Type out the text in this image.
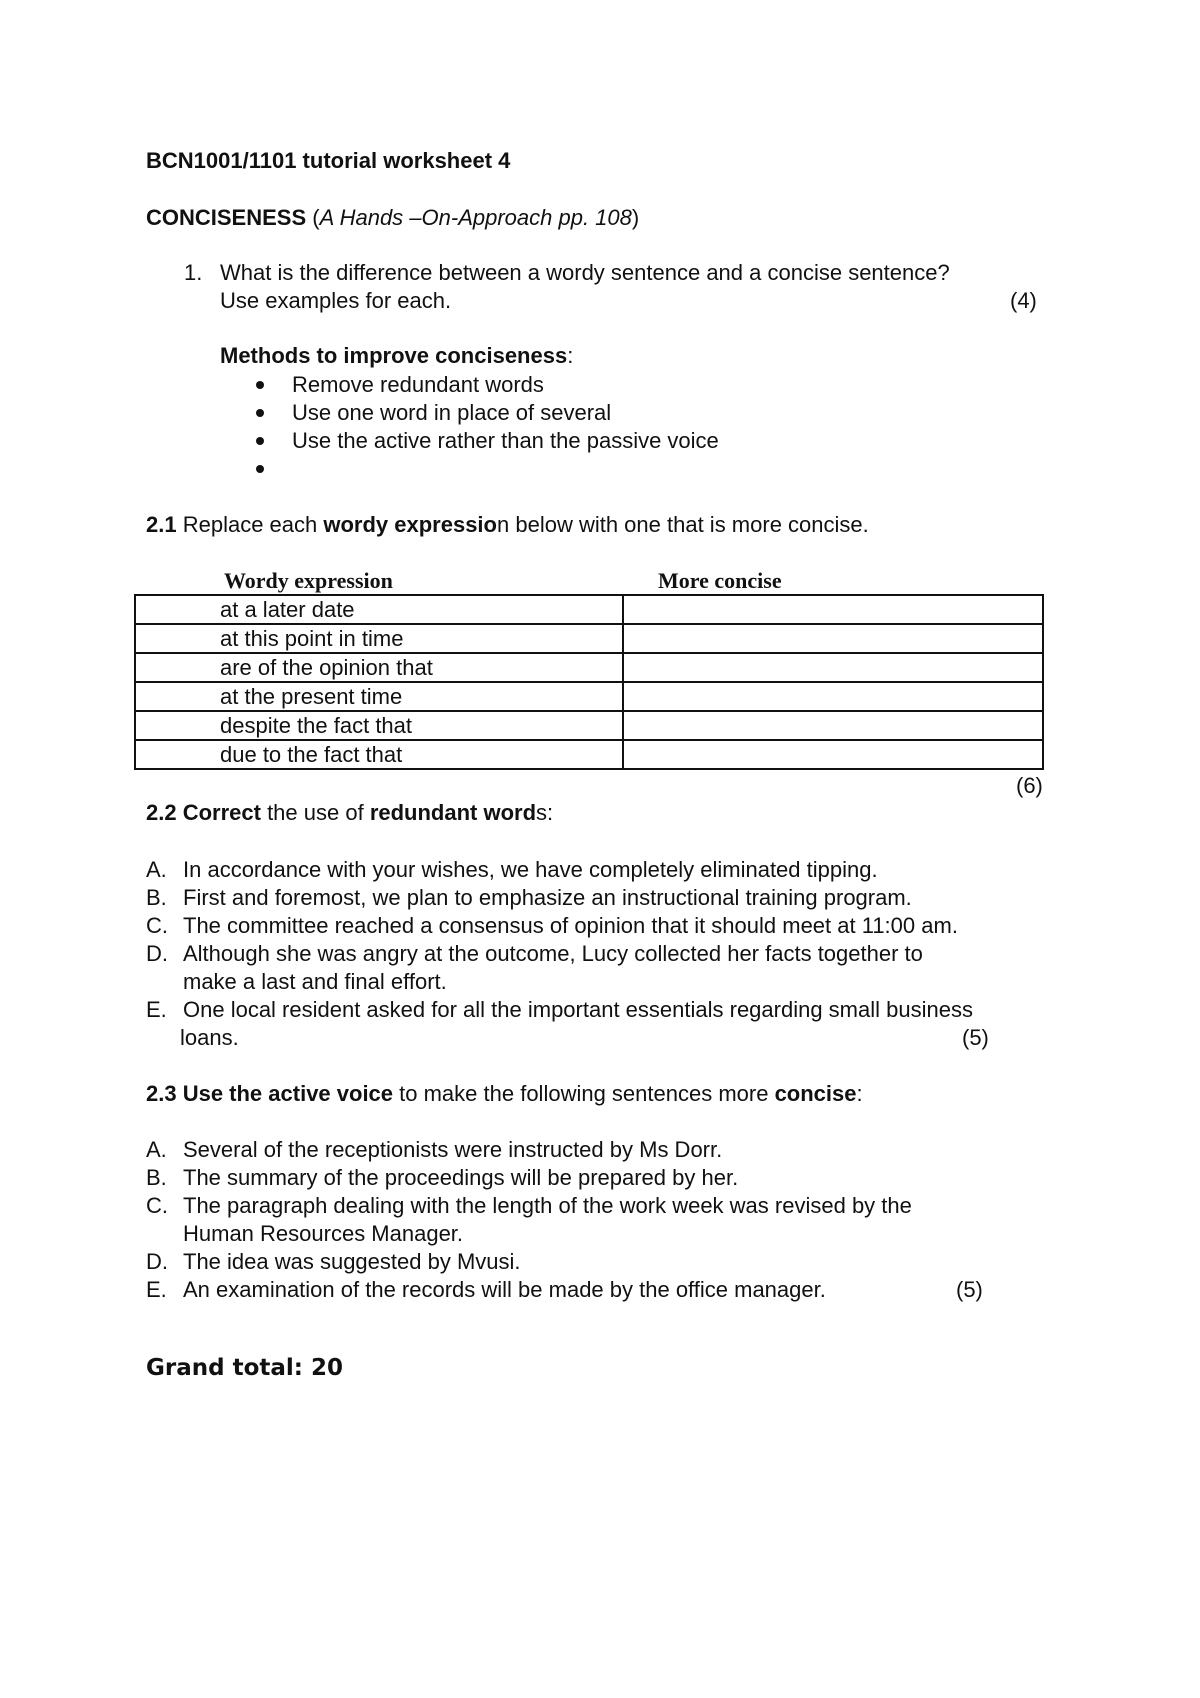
BCN1001/1101 tutorial worksheet 4
CONCISENESS (A Hands –On-Approach pp. 108)
1. What is the difference between a wordy sentence and a concise sentence?
Use examples for each.	(4)
Methods to improve conciseness:
Remove redundant words
Use one word in place of several
Use the active rather than the passive voice
2.1 Replace each wordy expression below with one that is more concise.
Wordy expression	More concise
at a later date	
at this point in time	
are of the opinion that	
at the present time	
despite the fact that	
due to the fact that	
(6)
2.2 Correct the use of redundant words:
A. In accordance with your wishes, we have completely eliminated tipping.
B. First and foremost, we plan to emphasize an instructional training program.
C. The committee reached a consensus of opinion that it should meet at 11:00 am.
D. Although she was angry at the outcome, Lucy collected her facts together to
make a last and final effort.
E. One local resident asked for all the important essentials regarding small business
loans.	(5)
2.3 Use the active voice to make the following sentences more concise:
A. Several of the receptionists were instructed by Ms Dorr.
B. The summary of the proceedings will be prepared by her.
C. The paragraph dealing with the length of the work week was revised by the
Human Resources Manager.
D. The idea was suggested by Mvusi.
E. An examination of the records will be made by the office manager.	(5)
Grand total: 20
